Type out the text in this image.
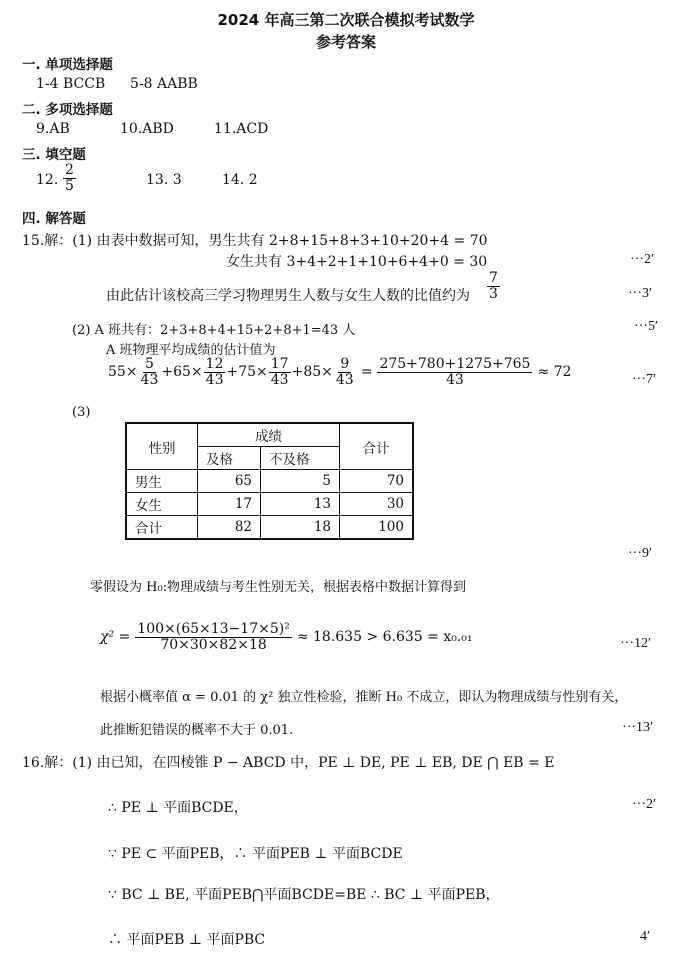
2024 年高三第二次联合模拟考试数学
参考答案
一. 单项选择题
1-4 BCCB 5-8 AABB
二. 多项选择题
9.AB	10.ABD	11.ACD
三. 填空题
12. $\frac{2}{5}$	13. 3	14. 2
四. 解答题
15.解：(1) 由表中数据可知，男生共有 2+8+15+8+3+10+20+4 = 70
女生共有 3+4+2+1+10+6+4+0 = 30	···2′
由此估计该校高三学习物理男生人数与女生人数的比值约为 $\frac{7}{3}$	···3′
(2) A 班共有：2+3+8+4+15+2+8+1=43 人	···5′
A 班物理平均成绩的估计值为
$55\times \frac{5}{43} +65\times \frac{12}{43} +75\times \frac{17}{43} +85\times \frac{9}{43} = \frac{275+780+1275+765}{43} \approx 72$	···7′
(3)
性别	成绩		合计
	及格	不及格	
男生	65	5	70
女生	17	13	30
合计	82	18	100
···9′
零假设为 H₀:物理成绩与考生性别无关，根据表格中数据计算得到
$\chi^2 = \frac{\text{100×(65×13−17×5)²}}{70\times 30\times 82\times 18} \approx 18.635 > 6.635 = x_0._{01}$	···12′
根据小概率值 α = 0.01 的 χ² 独立性检验，推断 H₀ 不成立，即认为物理成绩与性别有关，
此推断犯错误的概率不大于 0.01.	···13′
16.解：(1) 由已知，在四棱锥 P − ABCD 中，PE ⊥ DE, PE ⊥ EB, DE ⋂ EB = E
∴ PE ⊥ 平面BCDE，	···2′
∵ PE ⊂ 平面PEB，∴ 平面PEB ⊥ 平面BCDE
∵ BC ⊥ BE, 平面PEB⋂平面BCDE=BE ∴ BC ⊥ 平面PEB，
∴ 平面PEB ⊥ 平面PBC	4′
